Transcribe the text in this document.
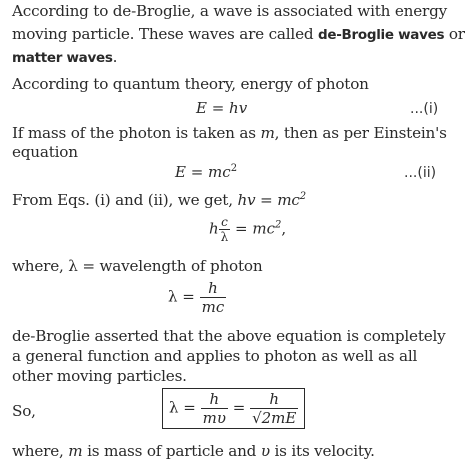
According to de-Broglie, a wave is associated with energy
moving particle. These waves are called de-Broglie waves or
matter waves.
According to quantum theory, energy of photon
E = hv	...(i)
If mass of the photon is taken as m, then as per Einstein's
equation
$E = mc^2$	...(ii)
From Eqs. (i) and (ii), we get, hv = $mc^2$
h $\frac{c}{\lambda} = mc^2$,
where, λ = wavelength of photon
$\lambda = \frac{h}{mc}$
de-Broglie asserted that the above equation is completely
a general function and applies to photon as well as all
other moving particles.
So,	$\lambda = \frac{h}{m\upsilon} = \frac{h}{√2mE}$
where, m is mass of particle and υ is its velocity.
